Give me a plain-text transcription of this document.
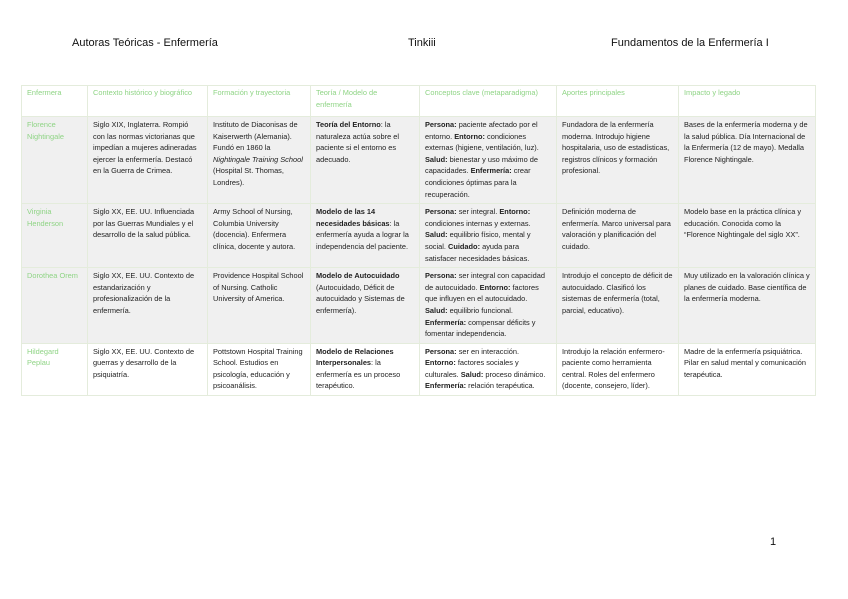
Autoras Teóricas - Enfermería	Tinkiii	Fundamentos de la Enfermería I
Enfermera	Contexto histórico y biográfico	Formación y trayectoria	Teoría / Modelo de enfermería	Conceptos clave (metaparadigma)	Aportes principales	Impacto y legado
Florence Nightingale	Siglo XIX, Inglaterra. Rompió con las normas victorianas que impedían a mujeres adineradas ejercer la enfermería. Destacó en la Guerra de Crimea.	Instituto de Diaconisas de Kaiserwerth (Alemania). Fundó en 1860 la Nightingale Training School (Hospital St. Thomas, Londres).	Teoría del Entorno: la naturaleza actúa sobre el paciente si el entorno es adecuado.	Persona: paciente afectado por el entorno. Entorno: condiciones externas (higiene, ventilación, luz). Salud: bienestar y uso máximo de capacidades. Enfermería: crear condiciones óptimas para la recuperación.	Fundadora de la enfermería moderna. Introdujo higiene hospitalaria, uso de estadísticas, registros clínicos y formación profesional.	Bases de la enfermería moderna y de la salud pública. Día Internacional de la Enfermería (12 de mayo). Medalla Florence Nightingale.
Virginia Henderson	Siglo XX, EE. UU. Influenciada por las Guerras Mundiales y el desarrollo de la salud pública.	Army School of Nursing, Columbia University (docencia). Enfermera clínica, docente y autora.	Modelo de las 14 necesidades básicas: la enfermería ayuda a lograr la independencia del paciente.	Persona: ser integral. Entorno: condiciones internas y externas. Salud: equilibrio físico, mental y social. Cuidado: ayuda para satisfacer necesidades básicas.	Definición moderna de enfermería. Marco universal para valoración y planificación del cuidado.	Modelo base en la práctica clínica y educación. Conocida como la “Florence Nightingale del siglo XX”.
Dorothea Orem	Siglo XX, EE. UU. Contexto de estandarización y profesionalización de la enfermería.	Providence Hospital School of Nursing. Catholic University of America.	Modelo de Autocuidado (Autocuidado, Déficit de autocuidado y Sistemas de enfermería).	Persona: ser integral con capacidad de autocuidado. Entorno: factores que influyen en el autocuidado. Salud: equilibrio funcional. Enfermería: compensar déficits y fomentar independencia.	Introdujo el concepto de déficit de autocuidado. Clasificó los sistemas de enfermería (total, parcial, educativo).	Muy utilizado en la valoración clínica y planes de cuidado. Base científica de la enfermería moderna.
Hildegard Peplau	Siglo XX, EE. UU. Contexto de guerras y desarrollo de la psiquiatría.	Pottstown Hospital Training School. Estudios en psicología, educación y psicoanálisis.	Modelo de Relaciones Interpersonales: la enfermería es un proceso terapéutico.	Persona: ser en interacción. Entorno: factores sociales y culturales. Salud: proceso dinámico. Enfermería: relación terapéutica.	Introdujo la relación enfermero-paciente como herramienta central. Roles del enfermero (docente, consejero, líder).	Madre de la enfermería psiquiátrica. Pilar en salud mental y comunicación terapéutica.
1
